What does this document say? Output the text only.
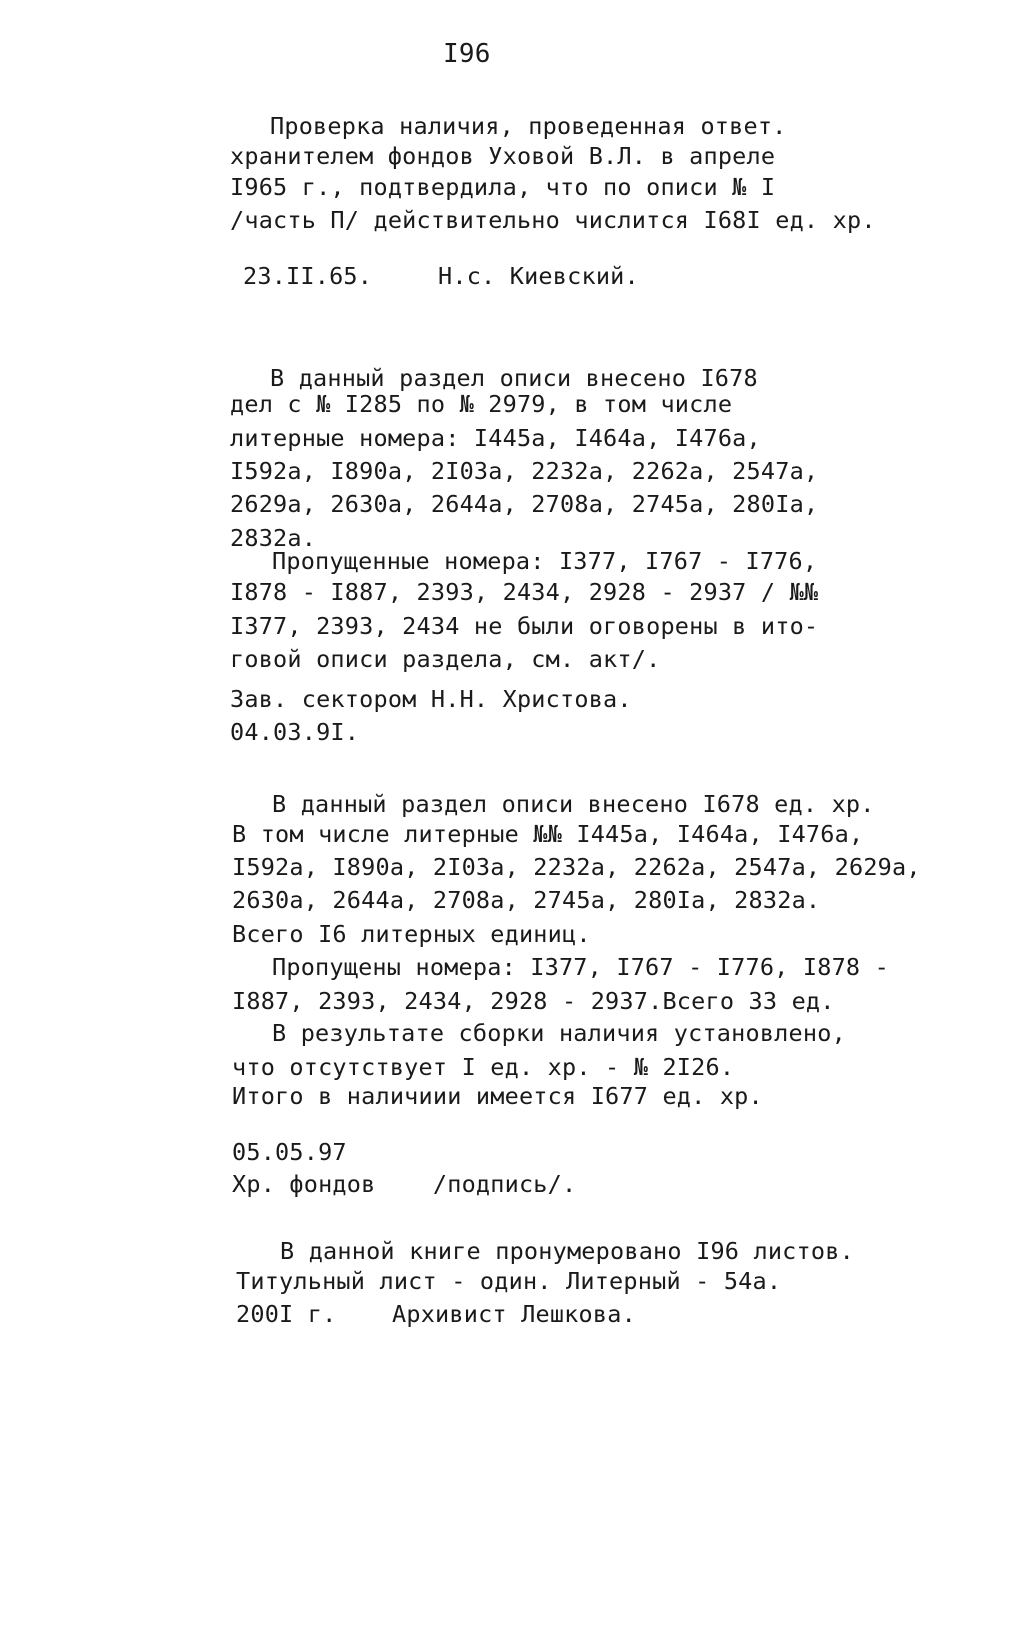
I96
Проверка наличия, проведенная ответ.
хранителем фондов Уховой В.Л. в апреле
I965 г., подтвердила, что по описи № I
/часть П/ действительно числится I68I ед. хр.
23.II.65.	Н.с. Киевский.
В данный раздел описи внесено I678
дел с № I285 по № 2979, в том числе
литерные номера: I445а, I464а, I476а,
I592а, I890а, 2I03а, 2232а, 2262а, 2547а,
2629а, 2630а, 2644а, 2708а, 2745а, 280Iа,
2832а.
Пропущенные номера: I377, I767 - I776,
I878 - I887, 2393, 2434, 2928 - 2937 / №№
I377, 2393, 2434 не были оговорены в ито-
говой описи раздела, см. акт/.
Зав. сектором Н.Н. Христова.
04.03.9I.
В данный раздел описи внесено I678 ед. хр.
В том числе литерные №№ I445а, I464а, I476а,
I592а, I890а, 2I03а, 2232а, 2262а, 2547а, 2629а,
2630а, 2644а, 2708а, 2745а, 280Iа, 2832а.
Всего I6 литерных единиц.
Пропущены номера: I377, I767 - I776, I878 -
I887, 2393, 2434, 2928 - 2937.Всего 33 ед.
В результате сборки наличия установлено,
что отсутствует I ед. хр. - № 2I26.
Итого в наличиии имеется I677 ед. хр.
05.05.97
Хр. фондов    /подпись/.
В данной книге пронумеровано I96 листов.
Титульный лист - один. Литерный - 54а.
200I г. Архивист Лешкова.
